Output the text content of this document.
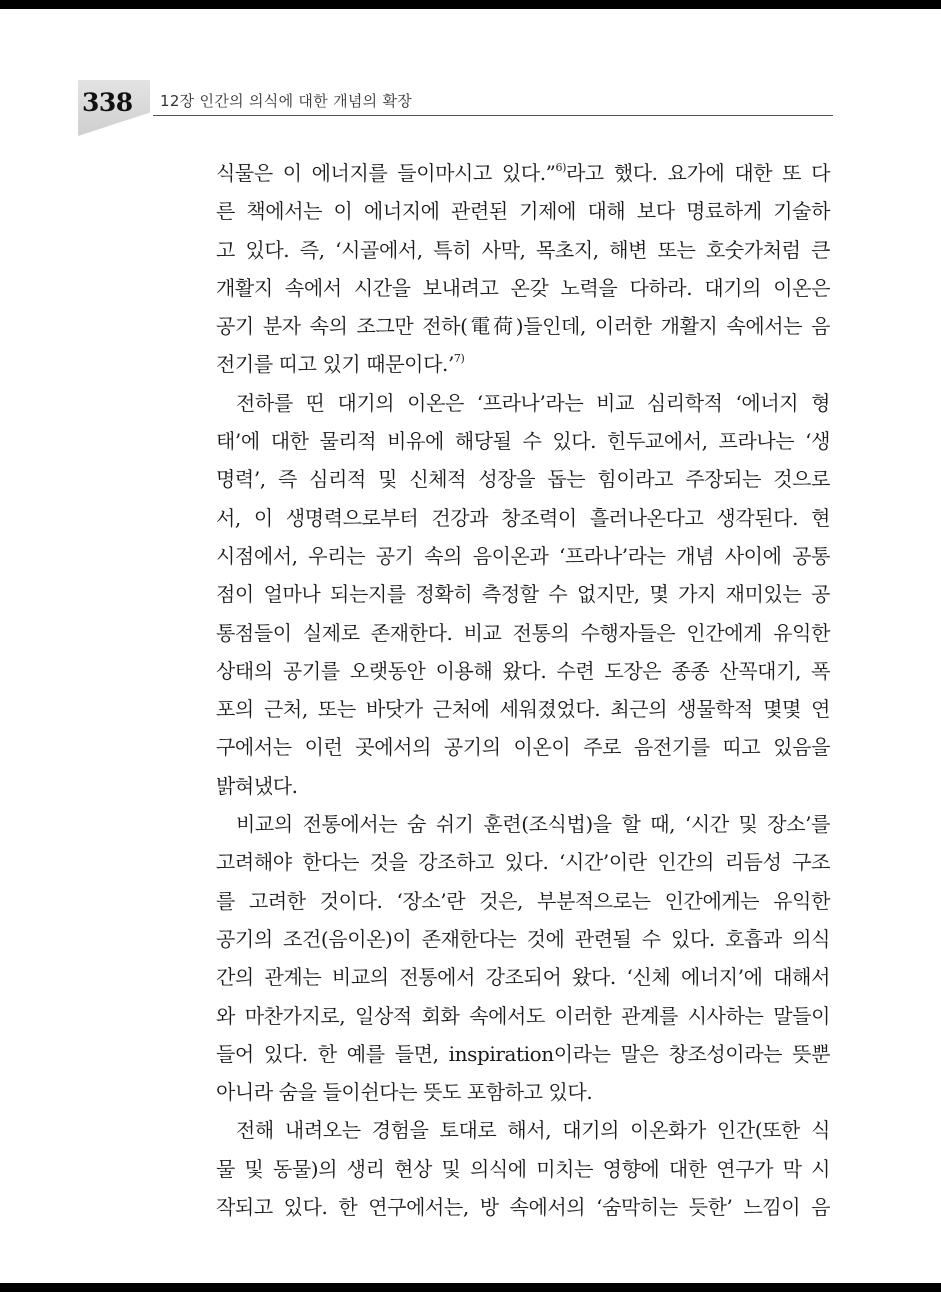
338 12장 인간의 의식에 대한 개념의 확장

식물은 이 에너지를 들이마시고 있다.”$^{6)}$라고 했다. 요가에 대한 또 다

른 책에서는 이 에너지에 관련된 기제에 대해 보다 명료하게 기술하

고 있다. 즉, ‘시골에서, 특히 사막, 목초지, 해변 또는 호숫가처럼 큰

개활지 속에서 시간을 보내려고 온갖 노력을 다하라. 대기의 이온은

공기 분자 속의 조그만 전하(電荷)들인데, 이러한 개활지 속에서는 음

전기를 띠고 있기 때문이다.’$^{7)}$

전하를 띤 대기의 이온은 ‘프라나’라는 비교 심리학적 ‘에너지 형

태’에 대한 물리적 비유에 해당될 수 있다. 힌두교에서, 프라나는 ‘생

명력’, 즉 심리적 및 신체적 성장을 돕는 힘이라고 주장되는 것으로

서, 이 생명력으로부터 건강과 창조력이 흘러나온다고 생각된다. 현

시점에서, 우리는 공기 속의 음이온과 ‘프라나’라는 개념 사이에 공통

점이 얼마나 되는지를 정확히 측정할 수 없지만, 몇 가지 재미있는 공

통점들이 실제로 존재한다. 비교 전통의 수행자들은 인간에게 유익한

상태의 공기를 오랫동안 이용해 왔다. 수련 도장은 종종 산꼭대기, 폭

포의 근처, 또는 바닷가 근처에 세워졌었다. 최근의 생물학적 몇몇 연

구에서는 이런 곳에서의 공기의 이온이 주로 음전기를 띠고 있음을

밝혀냈다.

비교의 전통에서는 숨 쉬기 훈련(조식법)을 할 때, ‘시간 및 장소’를

고려해야 한다는 것을 강조하고 있다. ‘시간’이란 인간의 리듬성 구조

를 고려한 것이다. ‘장소’란 것은, 부분적으로는 인간에게는 유익한

공기의 조건(음이온)이 존재한다는 것에 관련될 수 있다. 호흡과 의식

간의 관계는 비교의 전통에서 강조되어 왔다. ‘신체 에너지’에 대해서

와 마찬가지로, 일상적 회화 속에서도 이러한 관계를 시사하는 말들이

들어 있다. 한 예를 들면, inspiration이라는 말은 창조성이라는 뜻뿐

아니라 숨을 들이쉰다는 뜻도 포함하고 있다.

전해 내려오는 경험을 토대로 해서, 대기의 이온화가 인간(또한 식

물 및 동물)의 생리 현상 및 의식에 미치는 영향에 대한 연구가 막 시

작되고 있다. 한 연구에서는, 방 속에서의 ‘숨막히는 듯한’ 느낌이 음
